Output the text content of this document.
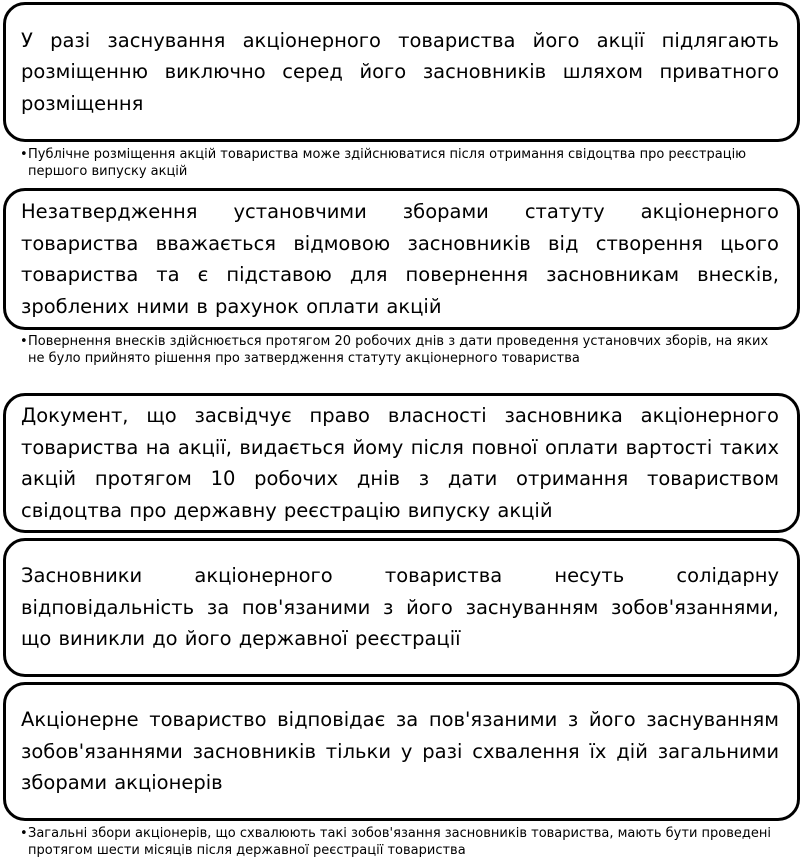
У разі заснування акціонерного товариства його акції підлягають розміщенню виключно серед його засновників шляхом приватного розміщення
• Публічне розміщення акцій товариства може здійснюватися після отримання свідоцтва про реєстрацію першого випуску акцій
Незатвердження установчими зборами статуту акціонерного товариства вважається відмовою засновників від створення цього товариства та є підставою для повернення засновникам внесків, зроблених ними в рахунок оплати акцій
• Повернення внесків здійснюється протягом 20 робочих днів з дати проведення установчих зборів, на яких не було прийнято рішення про затвердження статуту акціонерного товариства
Документ, що засвідчує право власності засновника акціонерного товариства на акції, видається йому після повної оплати вартості таких акцій протягом 10 робочих днів з дати отримання товариством свідоцтва про державну реєстрацію випуску акцій
Засновники акціонерного товариства несуть солідарну відповідальність за пов'язаними з його заснуванням зобов'язаннями, що виникли до його державної реєстрації
Акціонерне товариство відповідає за пов'язаними з його заснуванням зобов'язаннями засновників тільки у разі схвалення їх дій загальними зборами акціонерів
• Загальні збори акціонерів, що схвалюють такі зобов'язання засновників товариства, мають бути проведені протягом шести місяців після державної реєстрації товариства
